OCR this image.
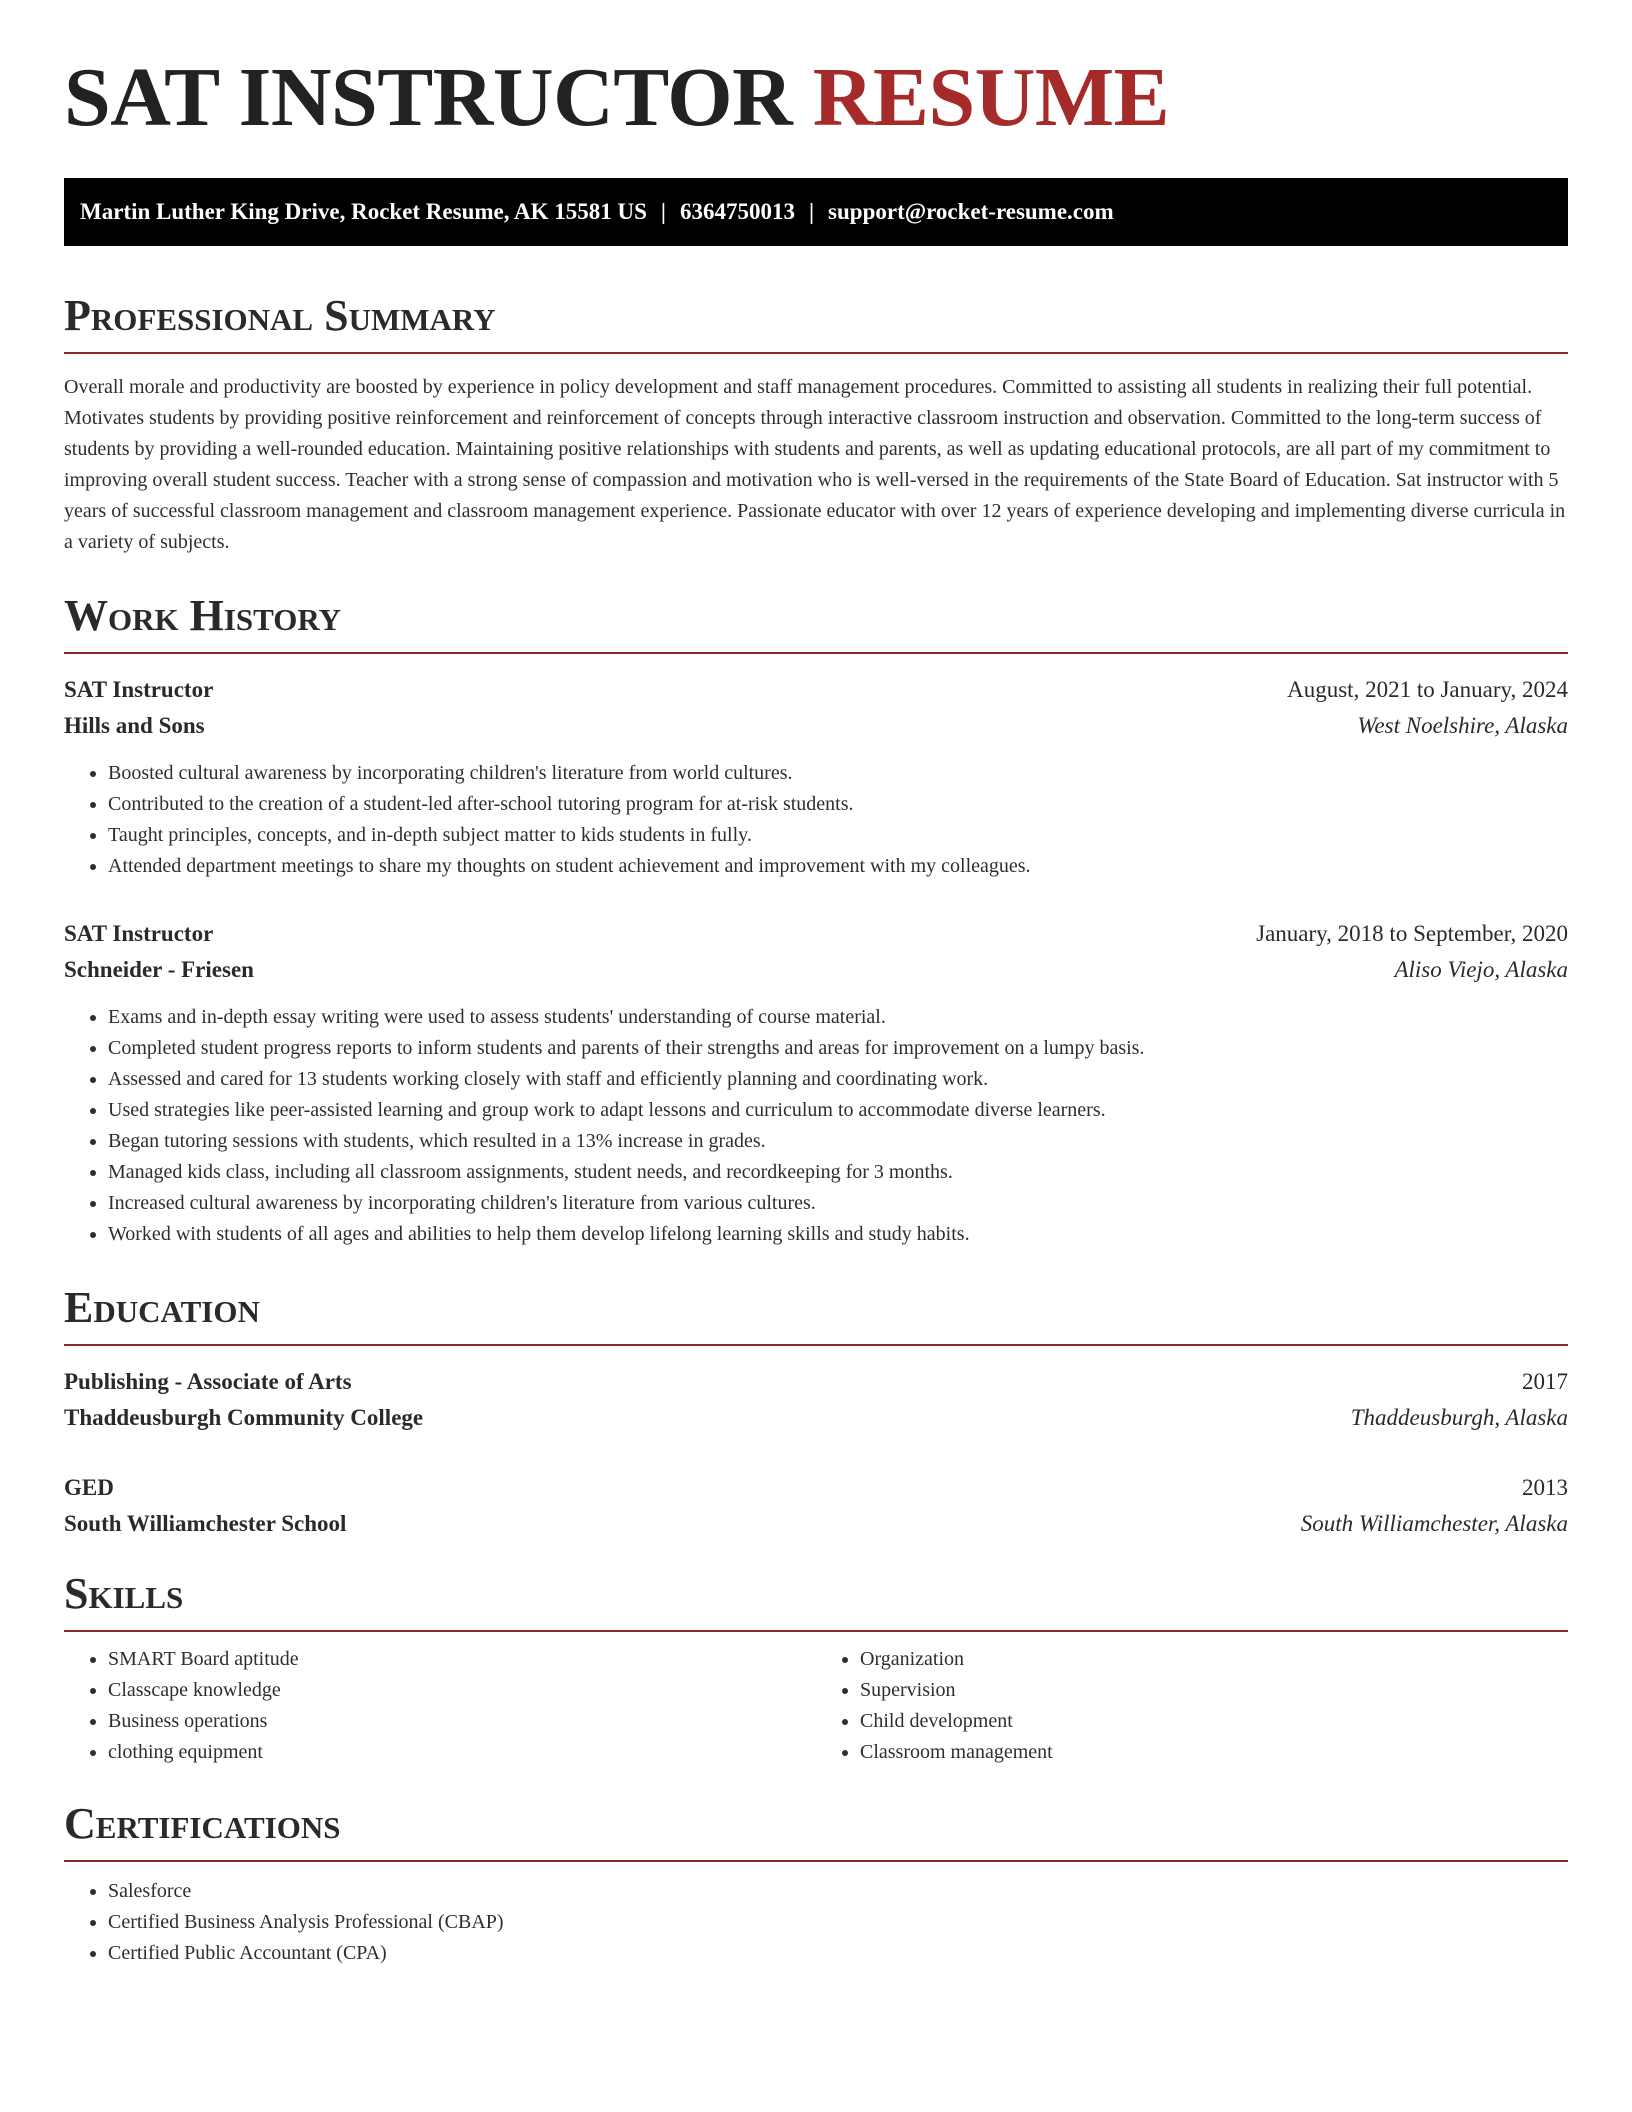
SAT INSTRUCTOR RESUME
Martin Luther King Drive, Rocket Resume, AK 15581 US | 6364750013 | support@rocket-resume.com
Professional Summary

Overall morale and productivity are boosted by experience in policy development and staff management procedures. Committed to assisting all students in realizing their full potential. Motivates students by providing positive reinforcement and reinforcement of concepts through interactive classroom instruction and observation. Committed to the long-term success of students by providing a well-rounded education. Maintaining positive relationships with students and parents, as well as updating educational protocols, are all part of my commitment to improving overall student success. Teacher with a strong sense of compassion and motivation who is well-versed in the requirements of the State Board of Education. Sat instructor with 5 years of successful classroom management and classroom management experience. Passionate educator with over 12 years of experience developing and implementing diverse curricula in a variety of subjects.

Work History
SAT Instructor	August, 2021 to January, 2024
Hills and Sons	West Noelshire, Alaska
• Boosted cultural awareness by incorporating children's literature from world cultures.
• Contributed to the creation of a student-led after-school tutoring program for at-risk students.
• Taught principles, concepts, and in-depth subject matter to kids students in fully.
• Attended department meetings to share my thoughts on student achievement and improvement with my colleagues.
SAT Instructor	January, 2018 to September, 2020
Schneider - Friesen	Aliso Viejo, Alaska
• Exams and in-depth essay writing were used to assess students' understanding of course material.
• Completed student progress reports to inform students and parents of their strengths and areas for improvement on a lumpy basis.
• Assessed and cared for 13 students working closely with staff and efficiently planning and coordinating work.
• Used strategies like peer-assisted learning and group work to adapt lessons and curriculum to accommodate diverse learners.
• Began tutoring sessions with students, which resulted in a 13% increase in grades.
• Managed kids class, including all classroom assignments, student needs, and recordkeeping for 3 months.
• Increased cultural awareness by incorporating children's literature from various cultures.
• Worked with students of all ages and abilities to help them develop lifelong learning skills and study habits.
Education
Publishing - Associate of Arts	2017
Thaddeusburgh Community College	Thaddeusburgh, Alaska
GED	2013
South Williamchester School	South Williamchester, Alaska
Skills
• SMART Board aptitude
• Classcape knowledge
• Business operations
• clothing equipment
• Organization
• Supervision
• Child development
• Classroom management
Certifications
• Salesforce
• Certified Business Analysis Professional (CBAP)
• Certified Public Accountant (CPA)
